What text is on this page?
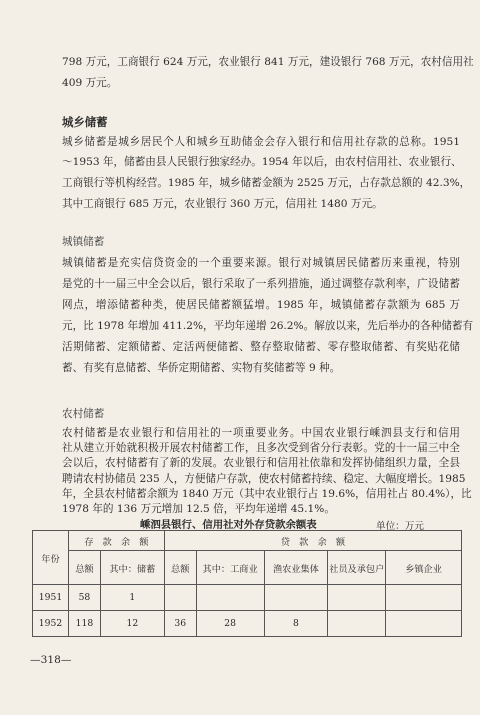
798 万元，工商银行 624 万元，农业银行 841 万元，建设银行 768 万元，农村信用社
409 万元。
城乡储蓄
城乡储蓄是城乡居民个人和城乡互助储金会存入银行和信用社存款的总称。1951
～1953 年，储蓄由县人民银行独家经办。1954 年以后，由农村信用社、农业银行、
工商银行等机构经营。1985 年，城乡储蓄金额为 2525 万元，占存款总额的 42.3%，
其中工商银行 685 万元，农业银行 360 万元，信用社 1480 万元。
城镇储蓄
城镇储蓄是充实信贷资金的一个重要来源。银行对城镇居民储蓄历来重视，特别
是党的十一届三中全会以后，银行采取了一系列措施，通过调整存款利率，广设储蓄
网点，增添储蓄种类，使居民储蓄额猛增。1985 年，城镇储蓄存款额为 685 万
元，比 1978 年增加 411.2%，平均年递增 26.2%。解放以来，先后举办的各种储蓄有
活期储蓄、定额储蓄、定活两便储蓄、整存整取储蓄、零存整取储蓄、有奖贴花储
蓄、有奖有息储蓄、华侨定期储蓄、实物有奖储蓄等 9 种。
农村储蓄
嵊泗县银行、信用社对外存贷款余额表	单位：万元
年份	存　款　余　额		贷　款　余　额				
	总额	其中：储蓄	总额	其中：工商业	渔农业集体	社员及承包户	乡镇企业
1951	58	1					
1952	118	12	36	28	8		
—318—
农村储蓄是农业银行和信用社的一项重要业务。中国农业银行嵊泗县支行和信用
社从建立开始就积极开展农村储蓄工作，且多次受到省分行表彰。党的十一届三中全
会以后，农村储蓄有了新的发展。农业银行和信用社依靠和发挥协储组织力量，全县
聘请农村协储员 235 人，方便储户存款，使农村储蓄持续、稳定、大幅度增长。1985
年，全县农村储蓄余额为 1840 万元（其中农业银行占 19.6%，信用社占 80.4%），比
1978 年的 136 万元增加 12.5 倍，平均年递增 45.1%。
